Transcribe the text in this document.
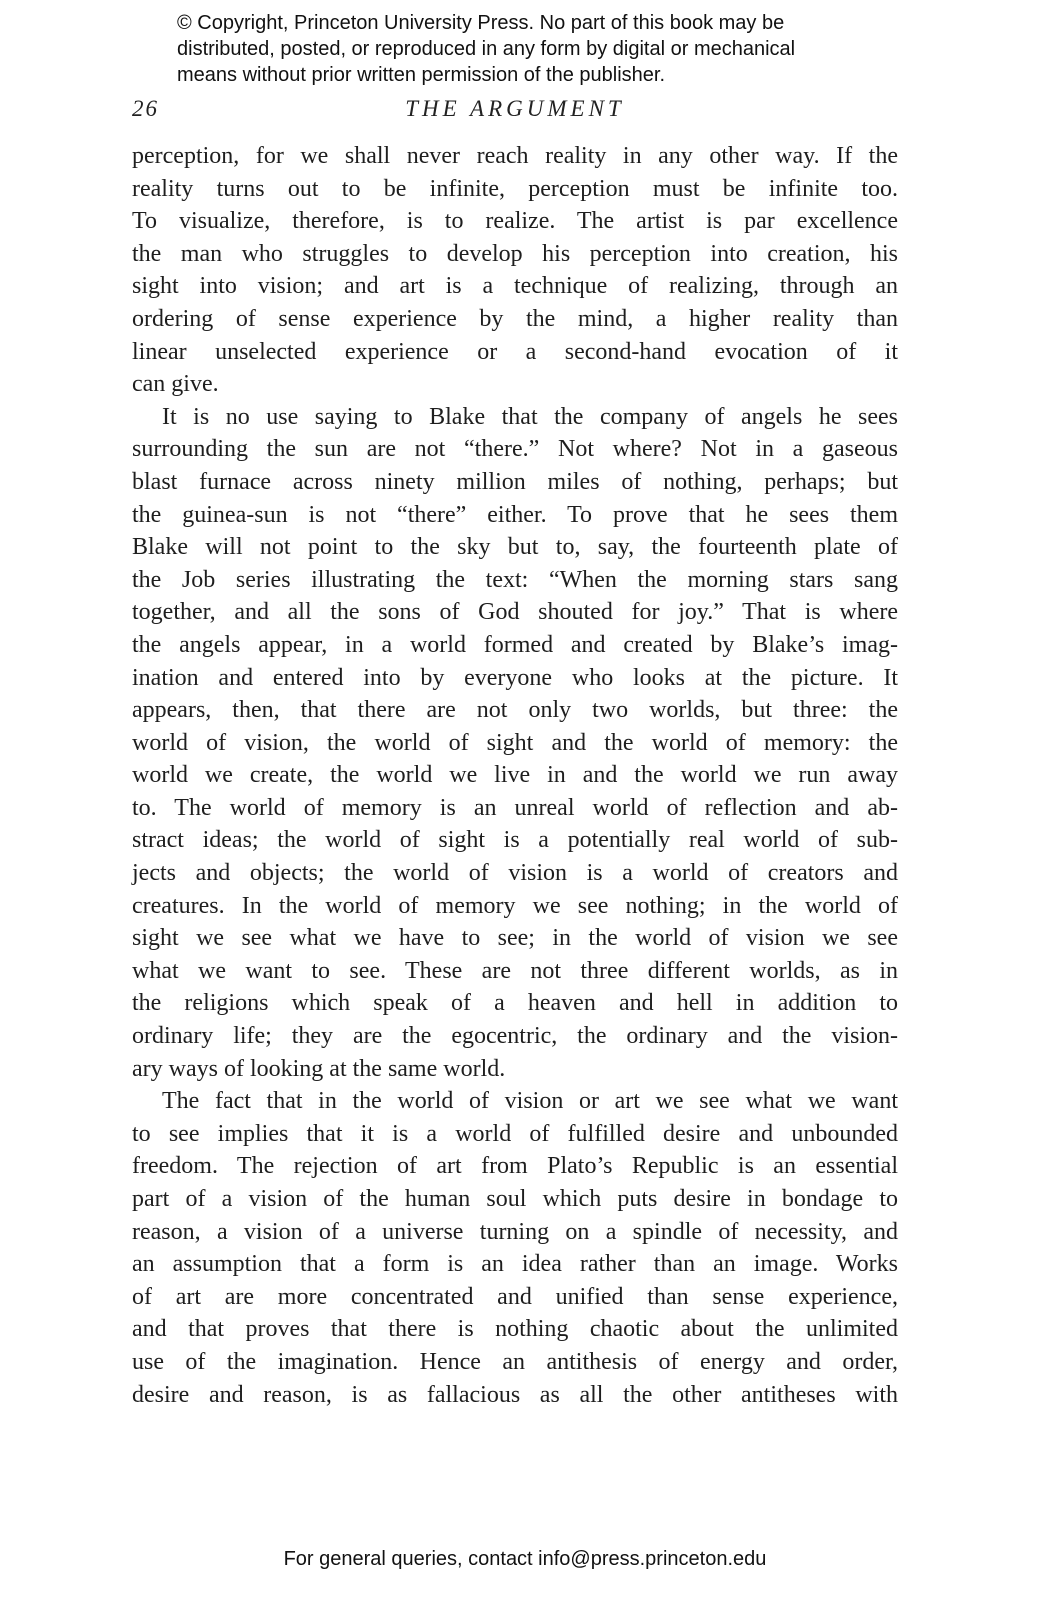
© Copyright, Princeton University Press. No part of this book may be
distributed, posted, or reproduced in any form by digital or mechanical
means without prior written permission of the publisher.
26	THE ARGUMENT
perception, for we shall never reach reality in any other way. If the
reality turns out to be infinite, perception must be infinite too.
To visualize, therefore, is to realize. The artist is par excellence
the man who struggles to develop his perception into creation, his
sight into vision; and art is a technique of realizing, through an
ordering of sense experience by the mind, a higher reality than
linear unselected experience or a second-hand evocation of it
can give.
It is no use saying to Blake that the company of angels he sees
surrounding the sun are not “there.” Not where? Not in a gaseous
blast furnace across ninety million miles of nothing, perhaps; but
the guinea-sun is not “there” either. To prove that he sees them
Blake will not point to the sky but to, say, the fourteenth plate of
the Job series illustrating the text: “When the morning stars sang
together, and all the sons of God shouted for joy.” That is where
the angels appear, in a world formed and created by Blake’s imag-
ination and entered into by everyone who looks at the picture. It
appears, then, that there are not only two worlds, but three: the
world of vision, the world of sight and the world of memory: the
world we create, the world we live in and the world we run away
to. The world of memory is an unreal world of reflection and ab-
stract ideas; the world of sight is a potentially real world of sub-
jects and objects; the world of vision is a world of creators and
creatures. In the world of memory we see nothing; in the world of
sight we see what we have to see; in the world of vision we see
what we want to see. These are not three different worlds, as in
the religions which speak of a heaven and hell in addition to
ordinary life; they are the egocentric, the ordinary and the vision-
ary ways of looking at the same world.
The fact that in the world of vision or art we see what we want
to see implies that it is a world of fulfilled desire and unbounded
freedom. The rejection of art from Plato’s Republic is an essential
part of a vision of the human soul which puts desire in bondage to
reason, a vision of a universe turning on a spindle of necessity, and
an assumption that a form is an idea rather than an image. Works
of art are more concentrated and unified than sense experience,
and that proves that there is nothing chaotic about the unlimited
use of the imagination. Hence an antithesis of energy and order,
desire and reason, is as fallacious as all the other antitheses with
For general queries, contact info@press.princeton.edu
